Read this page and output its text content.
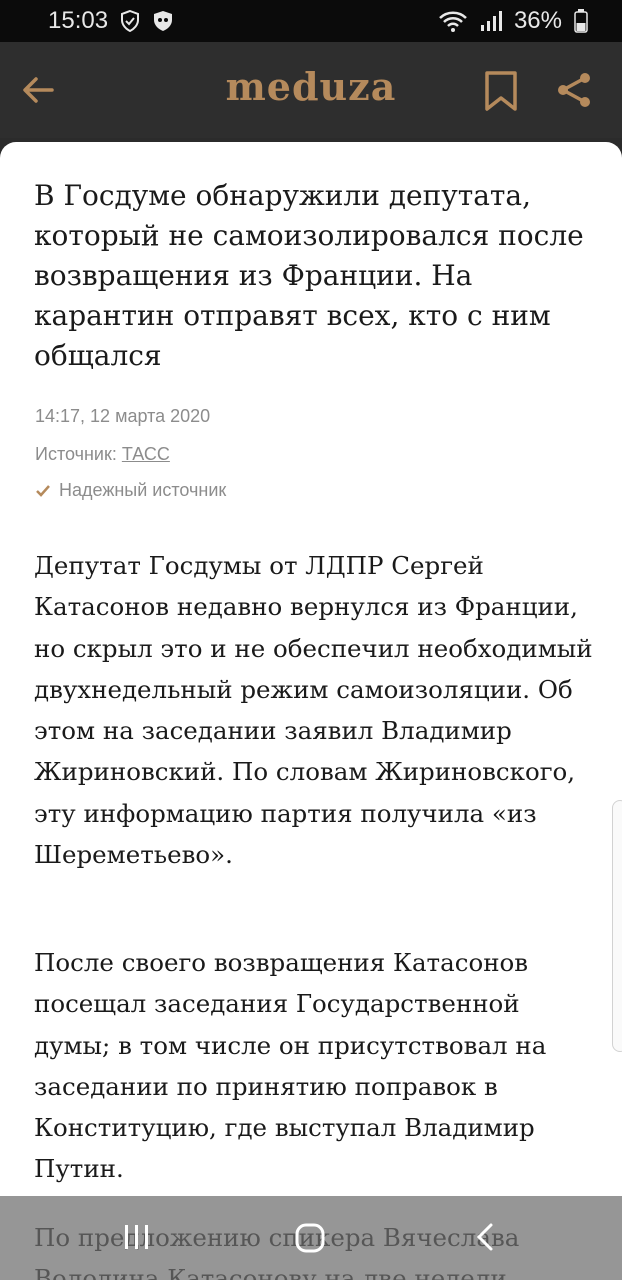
15:03	36%
meduza
В Госдуме обнаружили депутата, который не самоизолировался после возвращения из Франции. На карантин отправят всех, кто с ним общался
14:17, 12 марта 2020
Источник: ТАСС
Надежный источник

Депутат Госдумы от ЛДПР Сергей Катасонов недавно вернулся из Франции, но скрыл это и не обеспечил необходимый двухнедельный режим самоизоляции. Об этом на заседании заявил Владимир Жириновский. По словам Жириновского, эту информацию партия получила «из Шереметьево».

После своего возвращения Катасонов посещал заседания Государственной думы; в том числе он присутствовал на заседании по принятию поправок в Конституцию, где выступал Владимир Путин.
